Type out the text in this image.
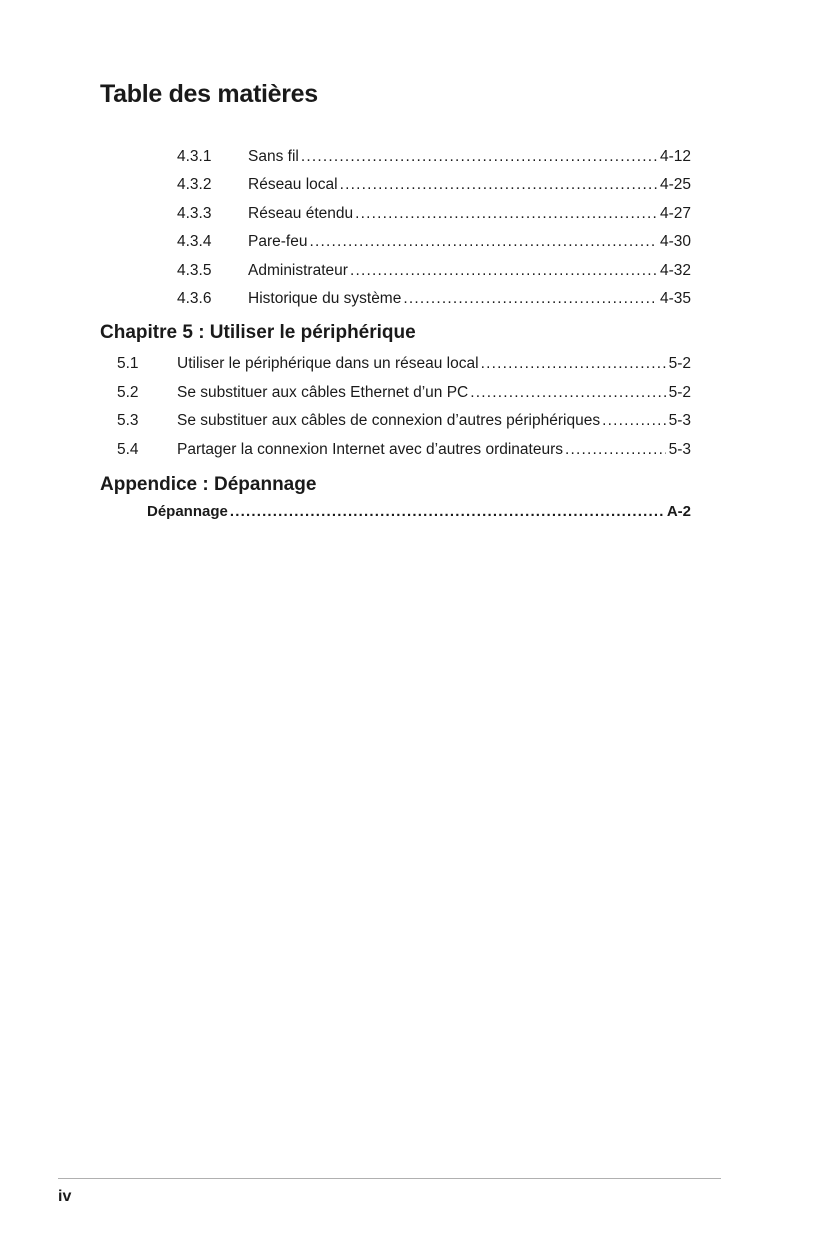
Table des matières
4.3.1	Sans fil .....	4-12
4.3.2	Réseau local .....	4-25
4.3.3	Réseau étendu .....	4-27
4.3.4	Pare-feu .....	4-30
4.3.5	Administrateur .....	4-32
4.3.6	Historique du système .....	4-35
Chapitre 5 : Utiliser le périphérique
5.1	Utiliser le périphérique dans un réseau local .....	5-2
5.2	Se substituer aux câbles Ethernet d’un PC .....	5-2
5.3	Se substituer aux câbles de connexion d’autres périphériques .....	5-3
5.4	Partager la connexion Internet avec d’autres ordinateurs .....	5-3
Appendice : Dépannage
Dépannage .....	A-2
iv
